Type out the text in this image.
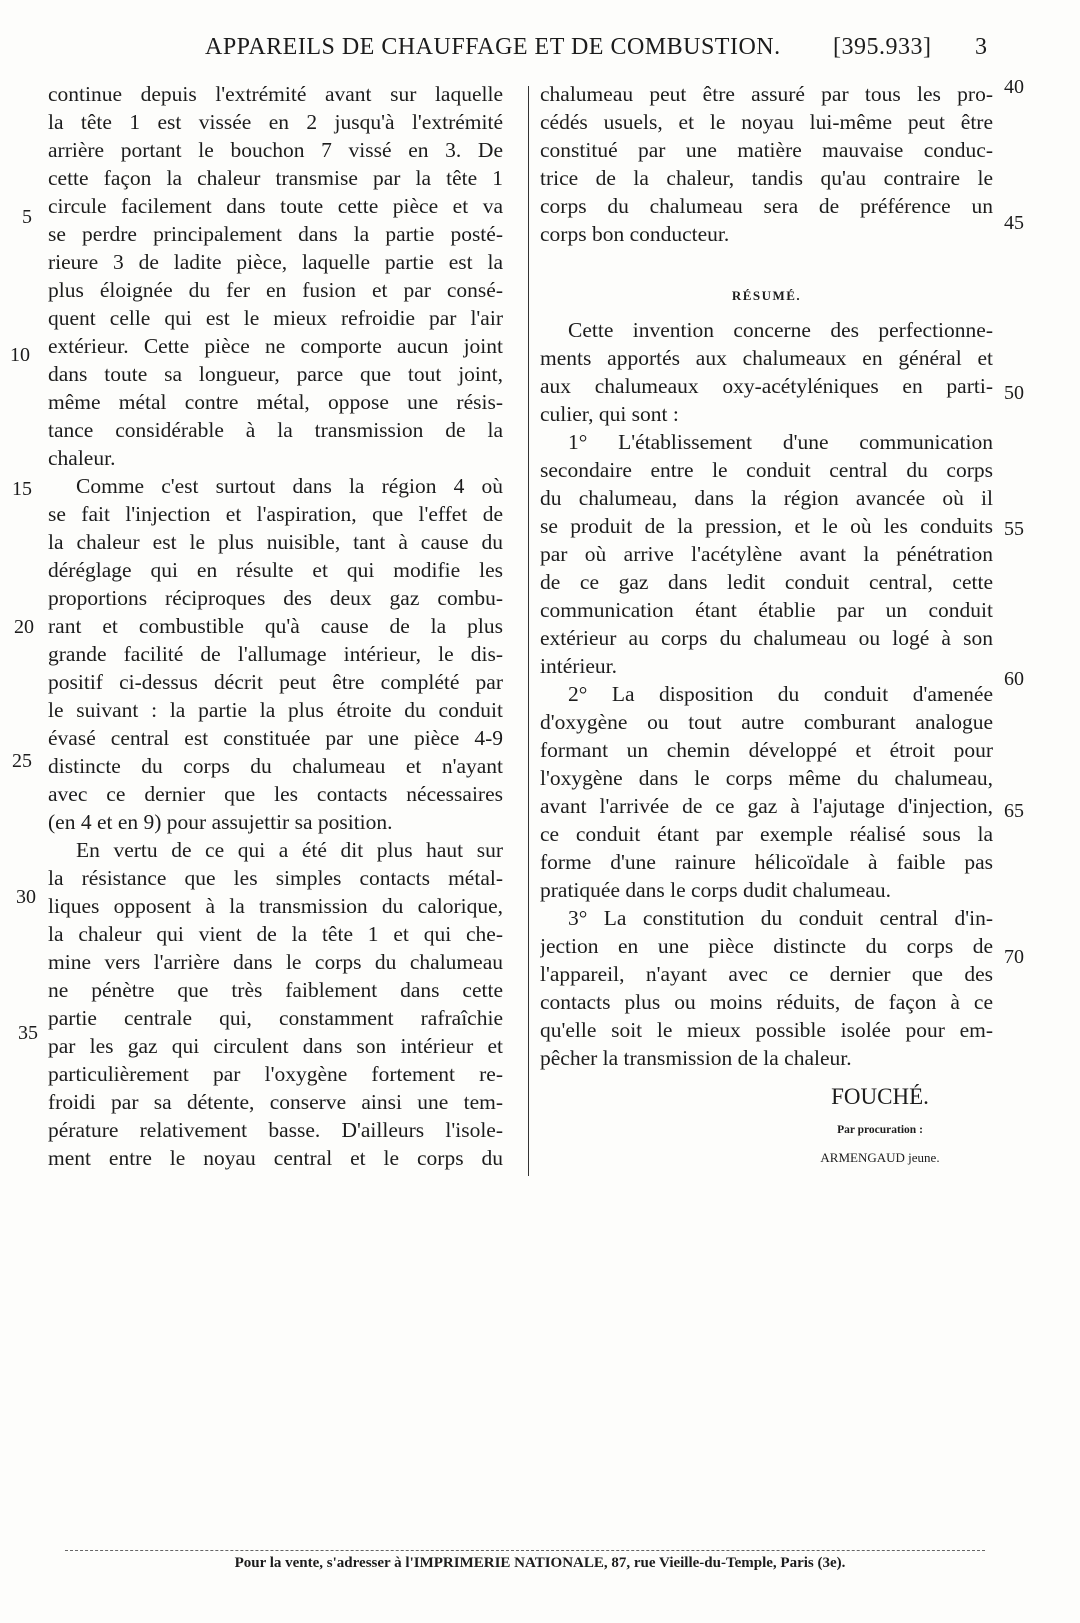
APPAREILS DE CHAUFFAGE ET DE COMBUSTION. [395.933] 3
continue depuis l'extrémité avant sur laquelle
la tête 1 est vissée en 2 jusqu'à l'extrémité
arrière portant le bouchon 7 vissé en 3. De
cette façon la chaleur transmise par la tête 1
circule facilement dans toute cette pièce et va
se perdre principalement dans la partie posté-
rieure 3 de ladite pièce, laquelle partie est la
plus éloignée du fer en fusion et par consé-
quent celle qui est le mieux refroidie par l'air
extérieur. Cette pièce ne comporte aucun joint
dans toute sa longueur, parce que tout joint,
même métal contre métal, oppose une résis-
tance considérable à la transmission de la
chaleur.
Comme c'est surtout dans la région 4 où
se fait l'injection et l'aspiration, que l'effet de
la chaleur est le plus nuisible, tant à cause du
déréglage qui en résulte et qui modifie les
proportions réciproques des deux gaz combu-
rant et combustible qu'à cause de la plus
grande facilité de l'allumage intérieur, le dis-
positif ci-dessus décrit peut être complété par
le suivant : la partie la plus étroite du conduit
évasé central est constituée par une pièce 4-9
distincte du corps du chalumeau et n'ayant
avec ce dernier que les contacts nécessaires
(en 4 et en 9) pour assujettir sa position.
En vertu de ce qui a été dit plus haut sur
la résistance que les simples contacts métal-
liques opposent à la transmission du calorique,
la chaleur qui vient de la tête 1 et qui che-
mine vers l'arrière dans le corps du chalumeau
ne pénètre que très faiblement dans cette
partie centrale qui, constamment rafraîchie
par les gaz qui circulent dans son intérieur et
particulièrement par l'oxygène fortement re-
froidi par sa détente, conserve ainsi une tem-
pérature relativement basse. D'ailleurs l'isole-
ment entre le noyau central et le corps du
chalumeau peut être assuré par tous les pro-
cédés usuels, et le noyau lui-même peut être
constitué par une matière mauvaise conduc-
trice de la chaleur, tandis qu'au contraire le
corps du chalumeau sera de préférence un
corps bon conducteur.
RÉSUMÉ.
Cette invention concerne des perfectionne-
ments apportés aux chalumeaux en général et
aux chalumeaux oxy-acétyléniques en parti-
culier, qui sont :
1° L'établissement d'une communication
secondaire entre le conduit central du corps
du chalumeau, dans la région avancée où il
se produit de la pression, et le où les conduits
par où arrive l'acétylène avant la pénétration
de ce gaz dans ledit conduit central, cette
communication étant établie par un conduit
extérieur au corps du chalumeau ou logé à son
intérieur.
2° La disposition du conduit d'amenée
d'oxygène ou tout autre comburant analogue
formant un chemin développé et étroit pour
l'oxygène dans le corps même du chalumeau,
avant l'arrivée de ce gaz à l'ajutage d'injection,
ce conduit étant par exemple réalisé sous la
forme d'une rainure hélicoïdale à faible pas
pratiquée dans le corps dudit chalumeau.
3° La constitution du conduit central d'in-
jection en une pièce distincte du corps de
l'appareil, n'ayant avec ce dernier que des
contacts plus ou moins réduits, de façon à ce
qu'elle soit le mieux possible isolée pour em-
pêcher la transmission de la chaleur.
5
10
15
20
25
30
35
40
45
50
55
60
65
70
FOUCHÉ.
Par procuration :
ARMENGAUD jeune.
Pour la vente, s'adresser à l'IMPRIMERIE NATIONALE, 87, rue Vieille-du-Temple, Paris (3e).
